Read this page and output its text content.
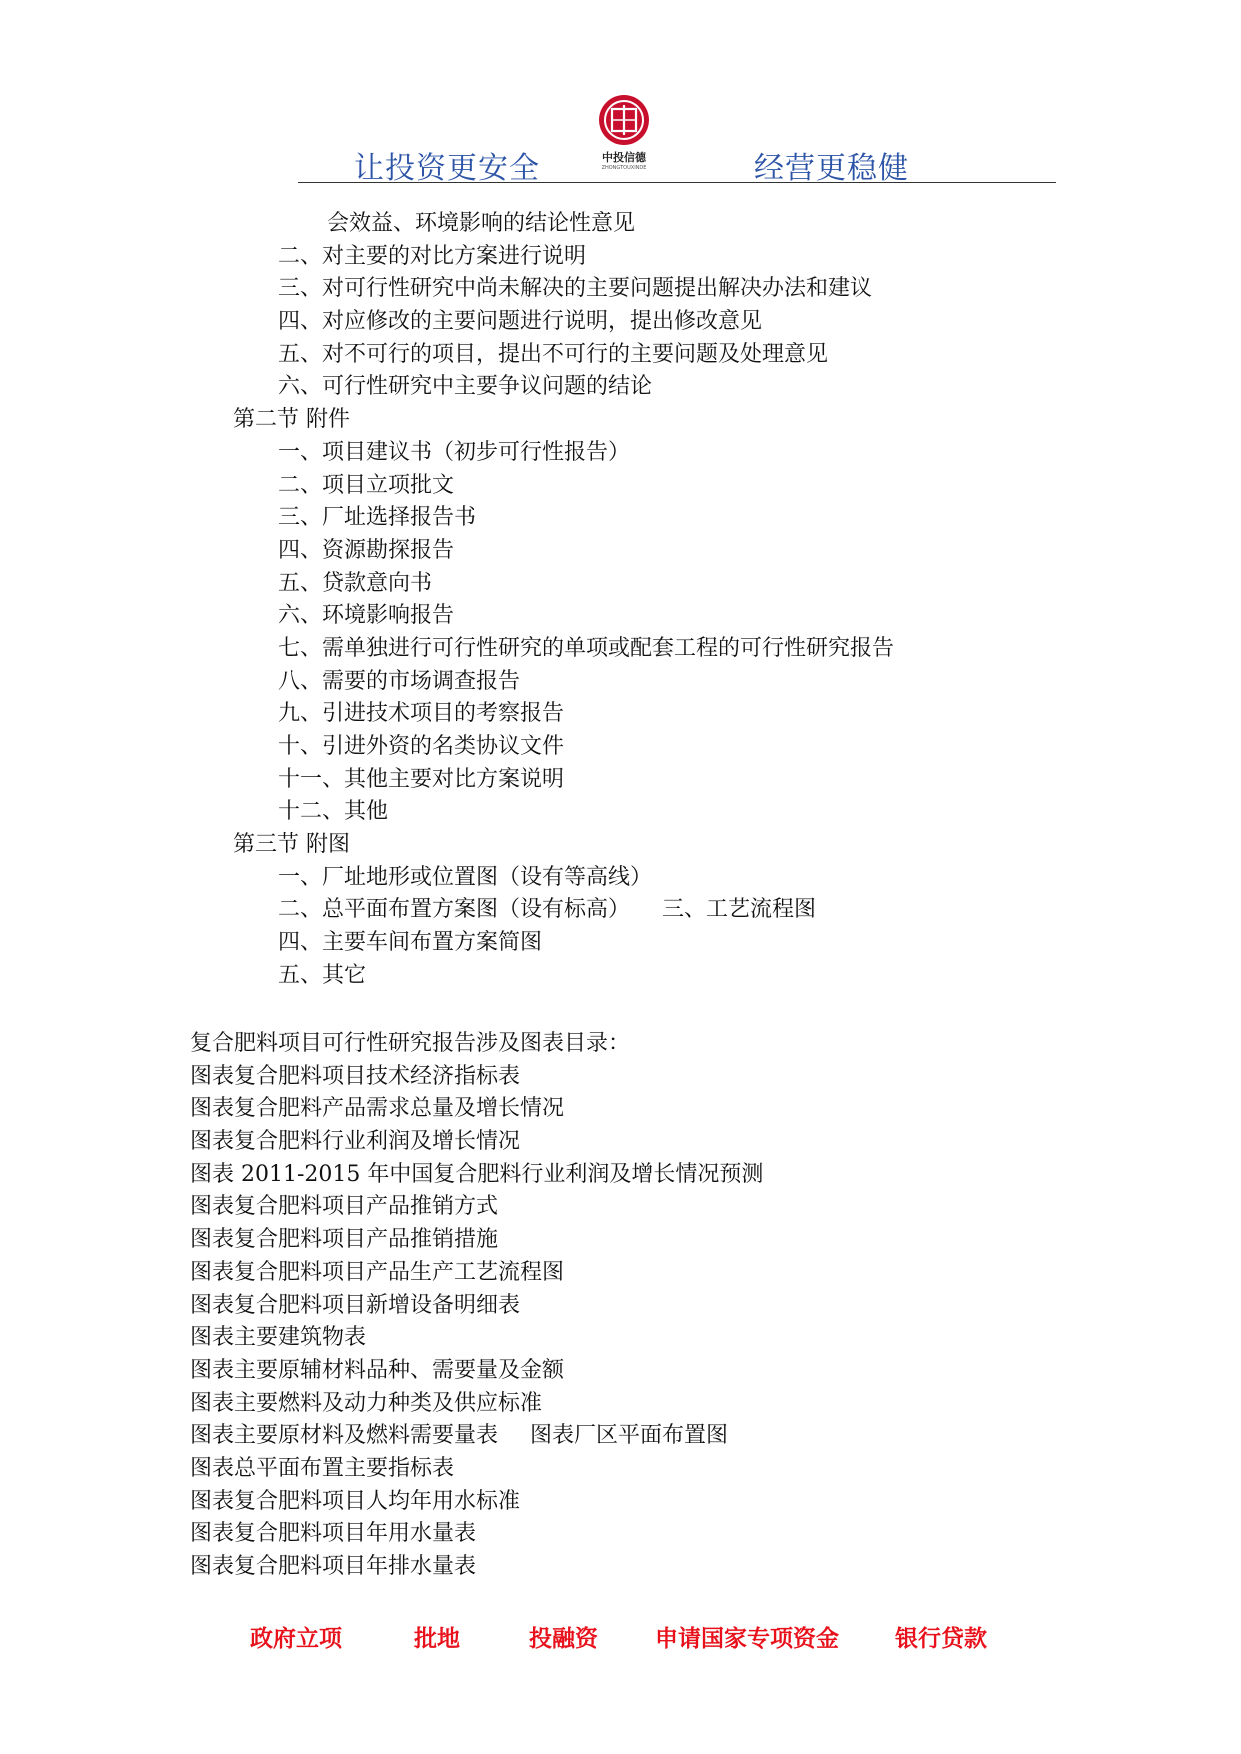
让投资更安全	中投信德
ZHONGTOUXINDE	经营更稳健
会效益、环境影响的结论性意见
二、对主要的对比方案进行说明
三、对可行性研究中尚未解决的主要问题提出解决办法和建议
四、对应修改的主要问题进行说明，提出修改意见
五、对不可行的项目，提出不可行的主要问题及处理意见
六、可行性研究中主要争议问题的结论
第二节 附件
一、项目建议书（初步可行性报告）
二、项目立项批文
三、厂址选择报告书
四、资源勘探报告
五、贷款意向书
六、环境影响报告
七、需单独进行可行性研究的单项或配套工程的可行性研究报告
八、需要的市场调查报告
九、引进技术项目的考察报告
十、引进外资的名类协议文件
十一、其他主要对比方案说明
十二、其他
第三节 附图
一、厂址地形或位置图（设有等高线）
二、总平面布置方案图（设有标高） 三、工艺流程图
四、主要车间布置方案简图
五、其它
复合肥料项目可行性研究报告涉及图表目录：
图表复合肥料项目技术经济指标表
图表复合肥料产品需求总量及增长情况
图表复合肥料行业利润及增长情况
图表 2011-2015 年中国复合肥料行业利润及增长情况预测
图表复合肥料项目产品推销方式
图表复合肥料项目产品推销措施
图表复合肥料项目产品生产工艺流程图
图表复合肥料项目新增设备明细表
图表主要建筑物表
图表主要原辅材料品种、需要量及金额
图表主要燃料及动力种类及供应标准
图表主要原材料及燃料需要量表 图表厂区平面布置图
图表总平面布置主要指标表
图表复合肥料项目人均年用水标准
图表复合肥料项目年用水量表
图表复合肥料项目年排水量表
政府立项	批地	投融资 申请国家专项资金 银行贷款
